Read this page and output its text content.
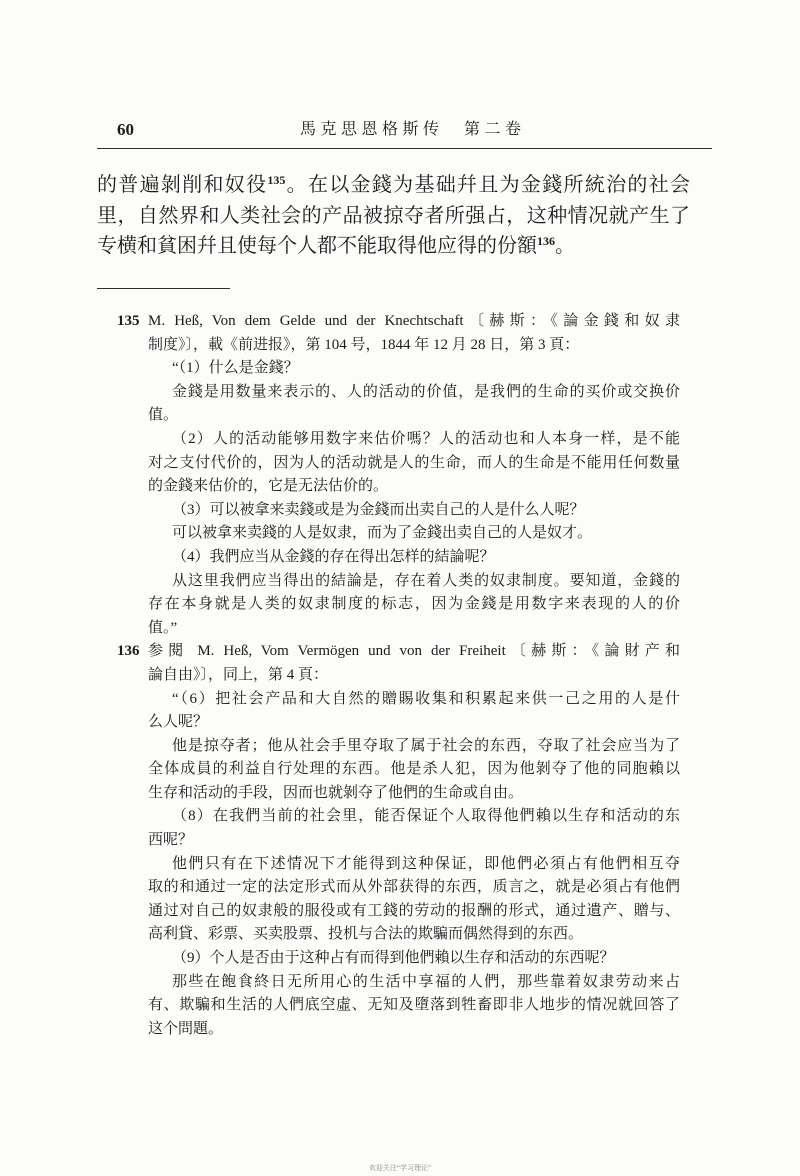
60	馬克思恩格斯传　第二卷
的普遍剝削和奴役$^{135}$。在以金錢为基础幷且为金錢所統治的社会
里，自然界和人类社会的产品被掠夺者所强占，这种情况就产生了
专横和貧困幷且使每个人都不能取得他应得的份額$^{136}$。
135 M. Heß, Von dem Gelde und der Knechtschaft〔赫斯：《論金錢和奴隶
制度》〕，載《前进报》，第 104 号，1844 年 12 月 28 日，第 3 頁：
“（1）什么是金錢？
金錢是用数量来表示的、人的活动的价值，是我們的生命的买价或交换价
值。
（2）人的活动能够用数字来估价嗎？人的活动也和人本身一样，是不能
对之支付代价的，因为人的活动就是人的生命，而人的生命是不能用任何数量
的金錢来估价的，它是无法估价的。
（3）可以被拿来卖錢或是为金錢而出卖自己的人是什么人呢？
可以被拿来卖錢的人是奴隶，而为了金錢出卖自己的人是奴才。
（4）我們应当从金錢的存在得出怎样的結論呢？
从这里我們应当得出的結論是，存在着人类的奴隶制度。要知道，金錢的
存在本身就是人类的奴隶制度的标志，因为金錢是用数字来表现的人的价
值。”
136 参閱 M. Heß, Vom Vermögen und von der Freiheit〔赫斯：《論財产和
論自由》〕，同上，第 4 頁：
“（6）把社会产品和大自然的贈賜收集和积累起来供一己之用的人是什
么人呢？
他是掠夺者；他从社会手里夺取了属于社会的东西，夺取了社会应当为了
全体成員的利益自行处理的东西。他是杀人犯，因为他剝夺了他的同胞賴以
生存和活动的手段，因而也就剝夺了他們的生命或自由。
（8）在我們当前的社会里，能否保证个人取得他們賴以生存和活动的东
西呢？
他們只有在下述情况下才能得到这种保证，即他們必須占有他們相互夺
取的和通过一定的法定形式而从外部获得的东西，质言之，就是必須占有他們
通过对自己的奴隶般的服役或有工錢的劳动的报酬的形式，通过遺产、贈与、
高利貸、彩票、买卖股票、投机与合法的欺騙而偶然得到的东西。
（9）个人是否由于这种占有而得到他們賴以生存和活动的东西呢？
那些在飽食終日无所用心的生活中享福的人們，那些靠着奴隶劳动来占
有、欺騙和生活的人們底空虛、无知及墮落到牲畜即非人地步的情况就回答了
这个問題。
欢迎关注“学习理论”
